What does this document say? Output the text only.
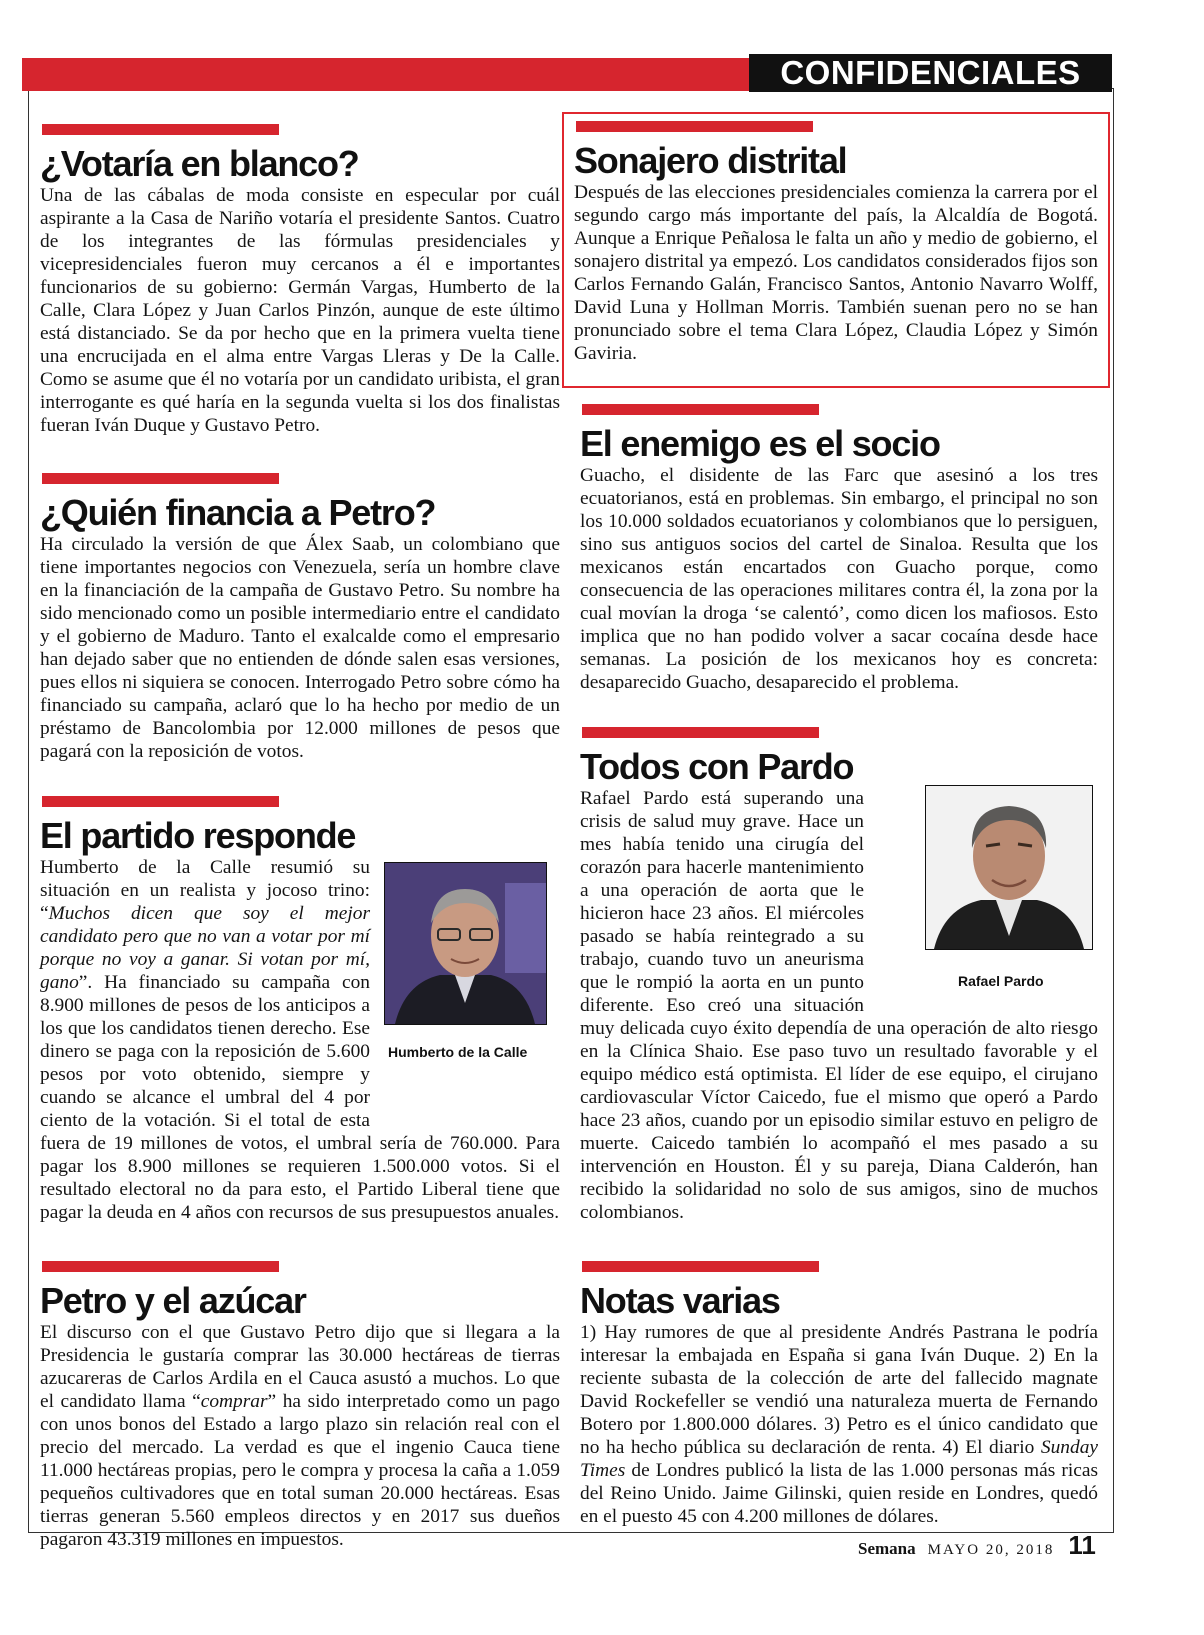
CONFIDENCIALES
¿Votaría en blanco?

Una de las cábalas de moda consiste en especular por cuál aspirante a la Casa de Nariño votaría el presidente Santos. Cuatro de los integrantes de las fórmulas presidenciales y vicepresidenciales fueron muy cercanos a él e importantes funcionarios de su gobierno: Germán Vargas, Humberto de la Calle, Clara López y Juan Carlos Pinzón, aunque de este último está distanciado. Se da por hecho que en la primera vuelta tiene una encrucijada en el alma entre Vargas Lleras y De la Calle. Como se asume que él no votaría por un candidato uribista, el gran interrogante es qué haría en la segunda vuelta si los dos finalistas fueran Iván Duque y Gustavo Petro.

¿Quién financia a Petro?

Ha circulado la versión de que Álex Saab, un colombiano que tiene importantes negocios con Venezuela, sería un hombre clave en la financiación de la campaña de Gustavo Petro. Su nombre ha sido mencionado como un posible intermediario entre el candidato y el gobierno de Maduro. Tanto el exalcalde como el empresario han dejado saber que no entienden de dónde salen esas versiones, pues ellos ni siquiera se conocen. Interrogado Petro sobre cómo ha financiado su campaña, aclaró que lo ha hecho por medio de un préstamo de Bancolombia por 12.000 millones de pesos que pagará con la reposición de votos.

El partido responde

Humberto de la Calle resumió su situación en un realista y jocoso trino: “Muchos dicen que soy el mejor candidato pero que no van a votar por mí porque no voy a ganar. Si votan por mí, gano”. Ha financiado su campaña con 8.900 millones de pesos de los anticipos a los que los candidatos tienen derecho. Ese dinero se paga con la reposición de 5.600 pesos por voto obtenido, siempre y cuando se alcance el umbral del 4 por ciento de la votación. Si el total de esta fuera de 19 millones de votos, el umbral sería de 760.000. Para pagar los 8.900 millones se requieren 1.500.000 votos. Si el resultado electoral no da para esto, el Partido Liberal tiene que pagar la deuda en 4 años con recursos de sus presupuestos anuales.

Humberto de la Calle
Petro y el azúcar

El discurso con el que Gustavo Petro dijo que si llegara a la Presidencia le gustaría comprar las 30.000 hectáreas de tierras azucareras de Carlos Ardila en el Cauca asustó a muchos. Lo que el candidato llama “comprar” ha sido interpretado como un pago con unos bonos del Estado a largo plazo sin relación real con el precio del mercado. La verdad es que el ingenio Cauca tiene 11.000 hectáreas propias, pero le compra y procesa la caña a 1.059 pequeños cultivadores que en total suman 20.000 hectáreas. Esas tierras generan 5.560 empleos directos y en 2017 sus dueños pagaron 43.319 millones en impuestos.

Sonajero distrital

Después de las elecciones presidenciales comienza la carrera por el segundo cargo más importante del país, la Alcaldía de Bogotá. Aunque a Enrique Peñalosa le falta un año y medio de gobierno, el sonajero distrital ya empezó. Los candidatos considerados fijos son Carlos Fernando Galán, Francisco Santos, Antonio Navarro Wolff, David Luna y Hollman Morris. También suenan pero no se han pronunciado sobre el tema Clara López, Claudia López y Simón Gaviria.

El enemigo es el socio

Guacho, el disidente de las Farc que asesinó a los tres ecuatorianos, está en problemas. Sin embargo, el principal no son los 10.000 soldados ecuatorianos y colombianos que lo persiguen, sino sus antiguos socios del cartel de Sinaloa. Resulta que los mexicanos están encartados con Guacho porque, como consecuencia de las operaciones militares contra él, la zona por la cual movían la droga ‘se calentó’, como dicen los mafiosos. Esto implica que no han podido volver a sacar cocaína desde hace semanas. La posición de los mexicanos hoy es concreta: desaparecido Guacho, desaparecido el problema.

Todos con Pardo

Rafael Pardo está superando una crisis de salud muy grave. Hace un mes había tenido una cirugía del corazón para hacerle mantenimiento a una operación de aorta que le hicieron hace 23 años. El miércoles pasado se había reintegrado a su trabajo, cuando tuvo un aneurisma que le rompió la aorta en un punto diferente. Eso creó una situación muy delicada cuyo éxito dependía de una operación de alto riesgo en la Clínica Shaio. Ese paso tuvo un resultado favorable y el equipo médico está optimista. El líder de ese equipo, el cirujano cardiovascular Víctor Caicedo, fue el mismo que operó a Pardo hace 23 años, cuando por un episodio similar estuvo en peligro de muerte. Caicedo también lo acompañó el mes pasado a su intervención en Houston. Él y su pareja, Diana Calderón, han recibido la solidaridad no solo de sus amigos, sino de muchos colombianos.

Rafael Pardo
Notas varias

1) Hay rumores de que al presidente Andrés Pastrana le podría interesar la embajada en España si gana Iván Duque. 2) En la reciente subasta de la colección de arte del fallecido magnate David Rockefeller se vendió una naturaleza muerta de Fernando Botero por 1.800.000 dólares. 3) Petro es el único candidato que no ha hecho pública su declaración de renta. 4) El diario Sunday Times de Londres publicó la lista de las 1.000 personas más ricas del Reino Unido. Jaime Gilinski, quien reside en Londres, quedó en el puesto 45 con 4.200 millones de dólares.

Semana MAYO 20, 2018 11
